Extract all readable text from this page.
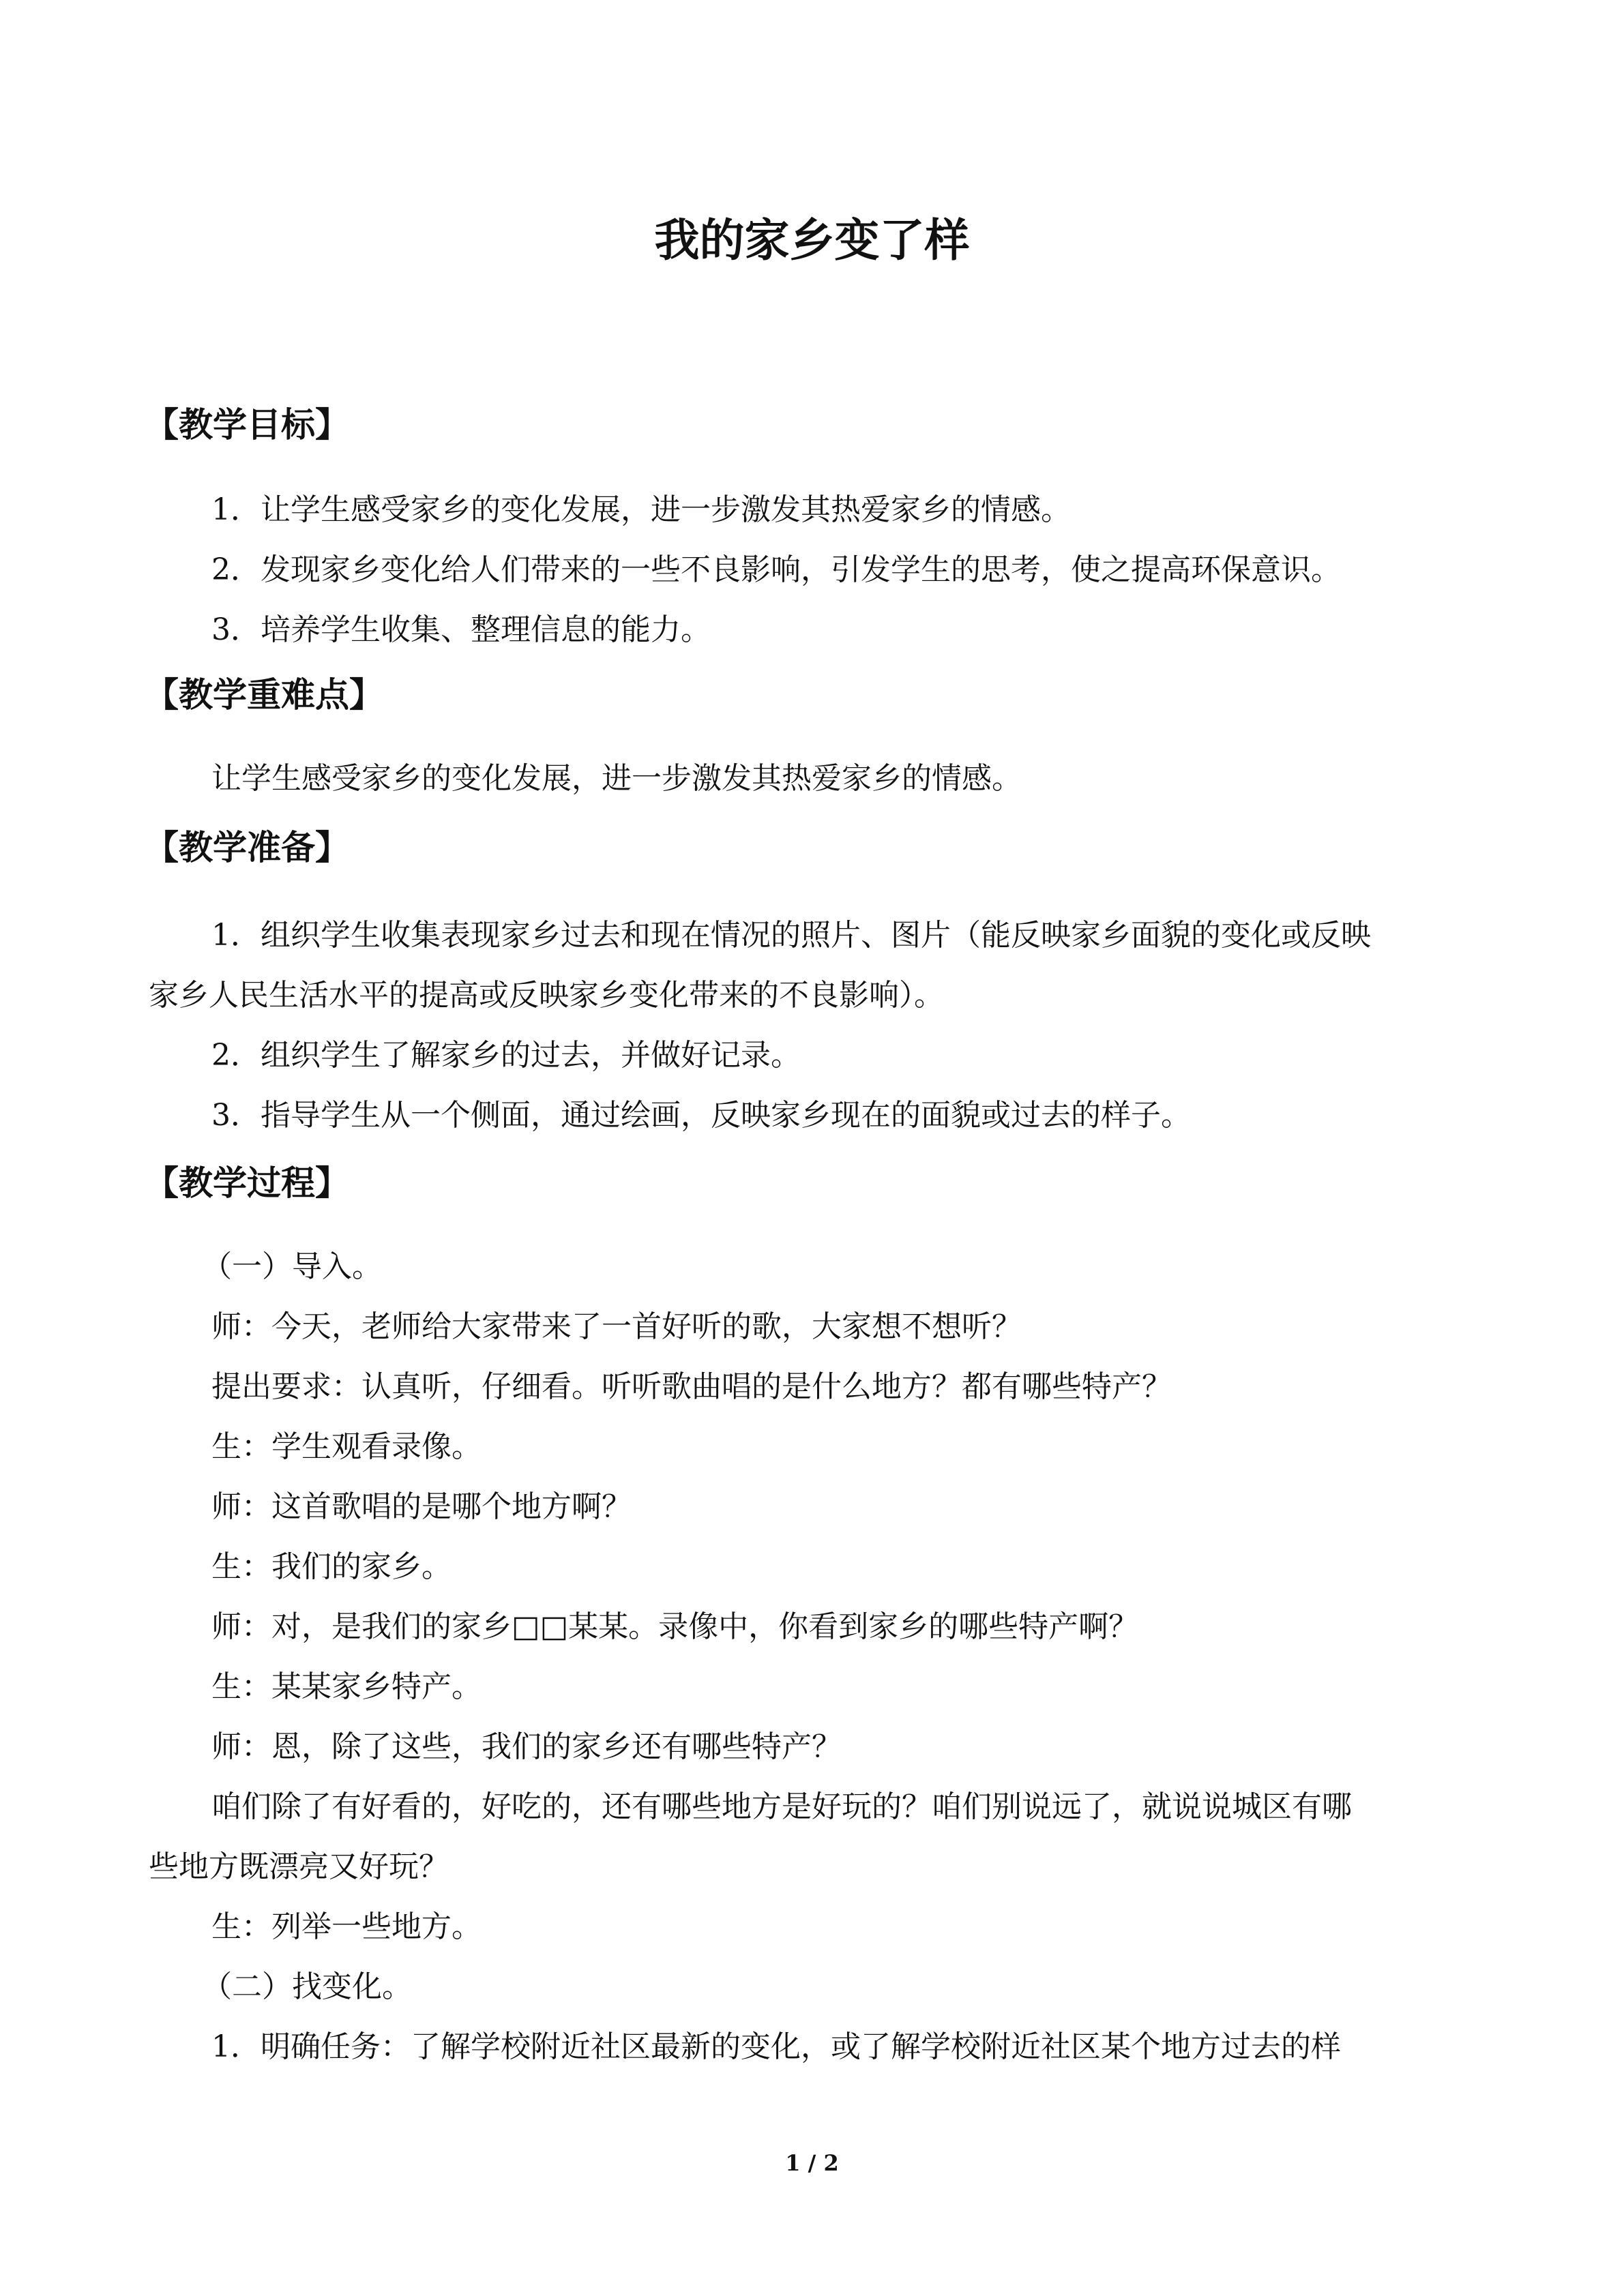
我的家乡变了样
【教学目标】

1．让学生感受家乡的变化发展，进一步激发其热爱家乡的情感。

2．发现家乡变化给人们带来的一些不良影响，引发学生的思考，使之提高环保意识。

3．培养学生收集、整理信息的能力。

【教学重难点】

让学生感受家乡的变化发展，进一步激发其热爱家乡的情感。

【教学准备】

1．组织学生收集表现家乡过去和现在情况的照片、图片（能反映家乡面貌的变化或反映

家乡人民生活水平的提高或反映家乡变化带来的不良影响）。

2．组织学生了解家乡的过去，并做好记录。

3．指导学生从一个侧面，通过绘画，反映家乡现在的面貌或过去的样子。

【教学过程】

（一）导入。

师：今天，老师给大家带来了一首好听的歌，大家想不想听？

提出要求：认真听，仔细看。听听歌曲唱的是什么地方？都有哪些特产？

生：学生观看录像。

师：这首歌唱的是哪个地方啊？

生：我们的家乡。

师：对，是我们的家乡□□某某。录像中，你看到家乡的哪些特产啊？

生：某某家乡特产。

师：恩，除了这些，我们的家乡还有哪些特产？

咱们除了有好看的，好吃的，还有哪些地方是好玩的？咱们别说远了，就说说城区有哪

些地方既漂亮又好玩？

生：列举一些地方。

（二）找变化。

1．明确任务：了解学校附近社区最新的变化，或了解学校附近社区某个地方过去的样

1 / 2
